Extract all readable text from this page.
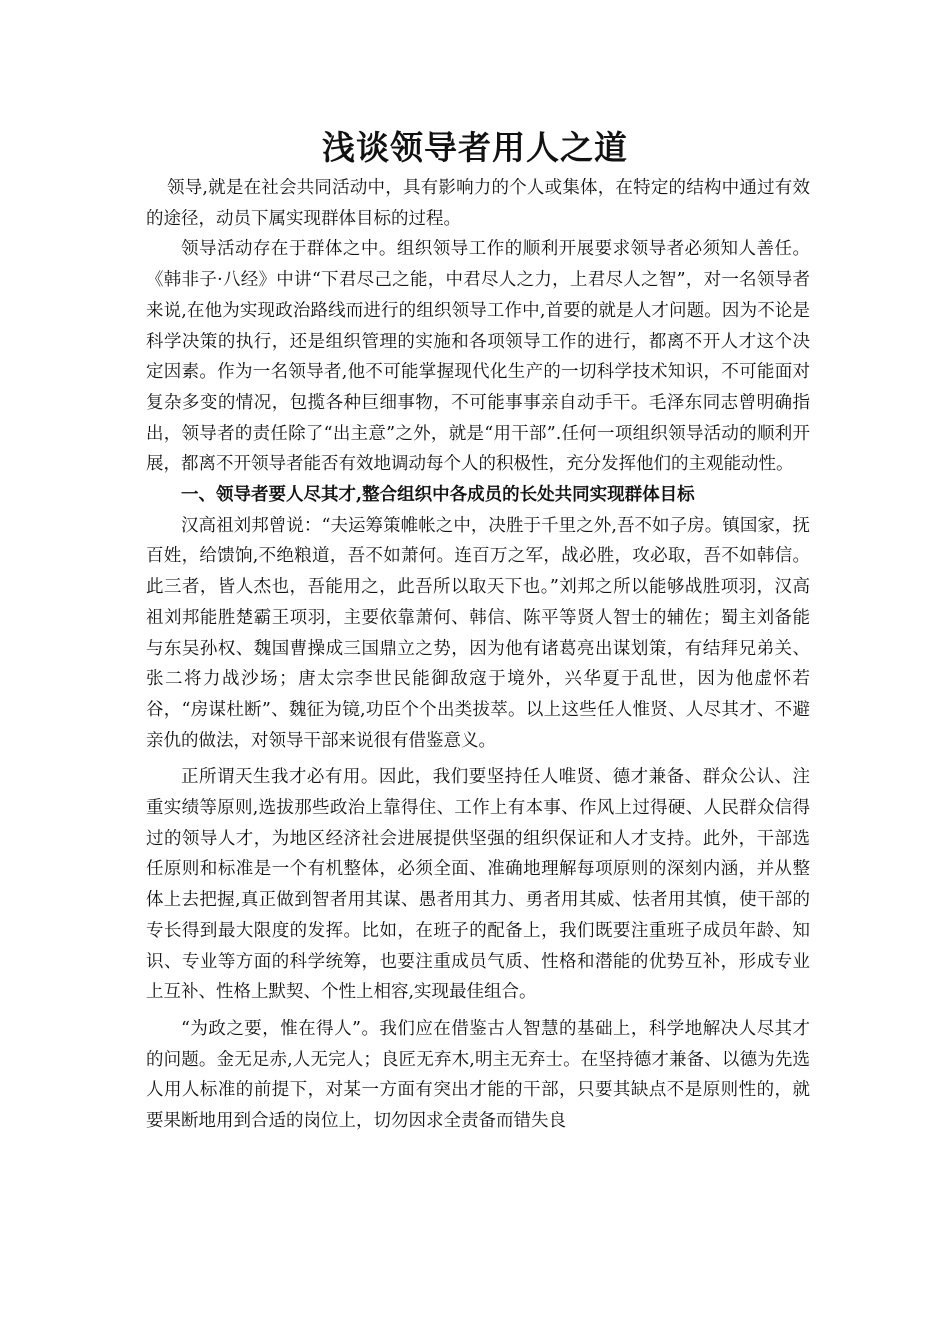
浅谈领导者用人之道

领导,就是在社会共同活动中，具有影响力的个人或集体，在特定的结构中通过有效的途径，动员下属实现群体目标的过程。

领导活动存在于群体之中。组织领导工作的顺利开展要求领导者必须知人善任。《韩非子·八经》中讲“下君尽己之能，中君尽人之力，上君尽人之智”，对一名领导者来说,在他为实现政治路线而进行的组织领导工作中,首要的就是人才问题。因为不论是科学决策的执行，还是组织管理的实施和各项领导工作的进行，都离不开人才这个决定因素。作为一名领导者,他不可能掌握现代化生产的一切科学技术知识，不可能面对复杂多变的情况，包揽各种巨细事物，不可能事事亲自动手干。毛泽东同志曾明确指出，领导者的责任除了“出主意”之外，就是“用干部”.任何一项组织领导活动的顺利开展，都离不开领导者能否有效地调动每个人的积极性，充分发挥他们的主观能动性。

一、领导者要人尽其才,整合组织中各成员的长处共同实现群体目标

汉高祖刘邦曾说：“夫运筹策帷帐之中，决胜于千里之外,吾不如子房。镇国家，抚百姓，给馈饷,不绝粮道，吾不如萧何。连百万之军，战必胜，攻必取，吾不如韩信。此三者，皆人杰也，吾能用之，此吾所以取天下也。”刘邦之所以能够战胜项羽，汉高祖刘邦能胜楚霸王项羽，主要依靠萧何、韩信、陈平等贤人智士的辅佐；蜀主刘备能与东吴孙权、魏国曹操成三国鼎立之势，因为他有诸葛亮出谋划策，有结拜兄弟关、张二将力战沙场；唐太宗李世民能御敌寇于境外，兴华夏于乱世，因为他虚怀若谷，“房谋杜断”、魏征为镜,功臣个个出类拔萃。以上这些任人惟贤、人尽其才、不避亲仇的做法，对领导干部来说很有借鉴意义。

正所谓天生我才必有用。因此，我们要坚持任人唯贤、德才兼备、群众公认、注重实绩等原则,选拔那些政治上靠得住、工作上有本事、作风上过得硬、人民群众信得过的领导人才，为地区经济社会进展提供坚强的组织保证和人才支持。此外，干部选任原则和标准是一个有机整体，必须全面、准确地理解每项原则的深刻内涵，并从整体上去把握,真正做到智者用其谋、愚者用其力、勇者用其威、怯者用其慎，使干部的专长得到最大限度的发挥。比如，在班子的配备上，我们既要注重班子成员年龄、知识、专业等方面的科学统筹，也要注重成员气质、性格和潜能的优势互补，形成专业上互补、性格上默契、个性上相容,实现最佳组合。

“为政之要，惟在得人”。我们应在借鉴古人智慧的基础上，科学地解决人尽其才的问题。金无足赤,人无完人；良匠无弃木,明主无弃士。在坚持德才兼备、以德为先选人用人标准的前提下，对某一方面有突出才能的干部，只要其缺点不是原则性的，就要果断地用到合适的岗位上，切勿因求全责备而错失良
